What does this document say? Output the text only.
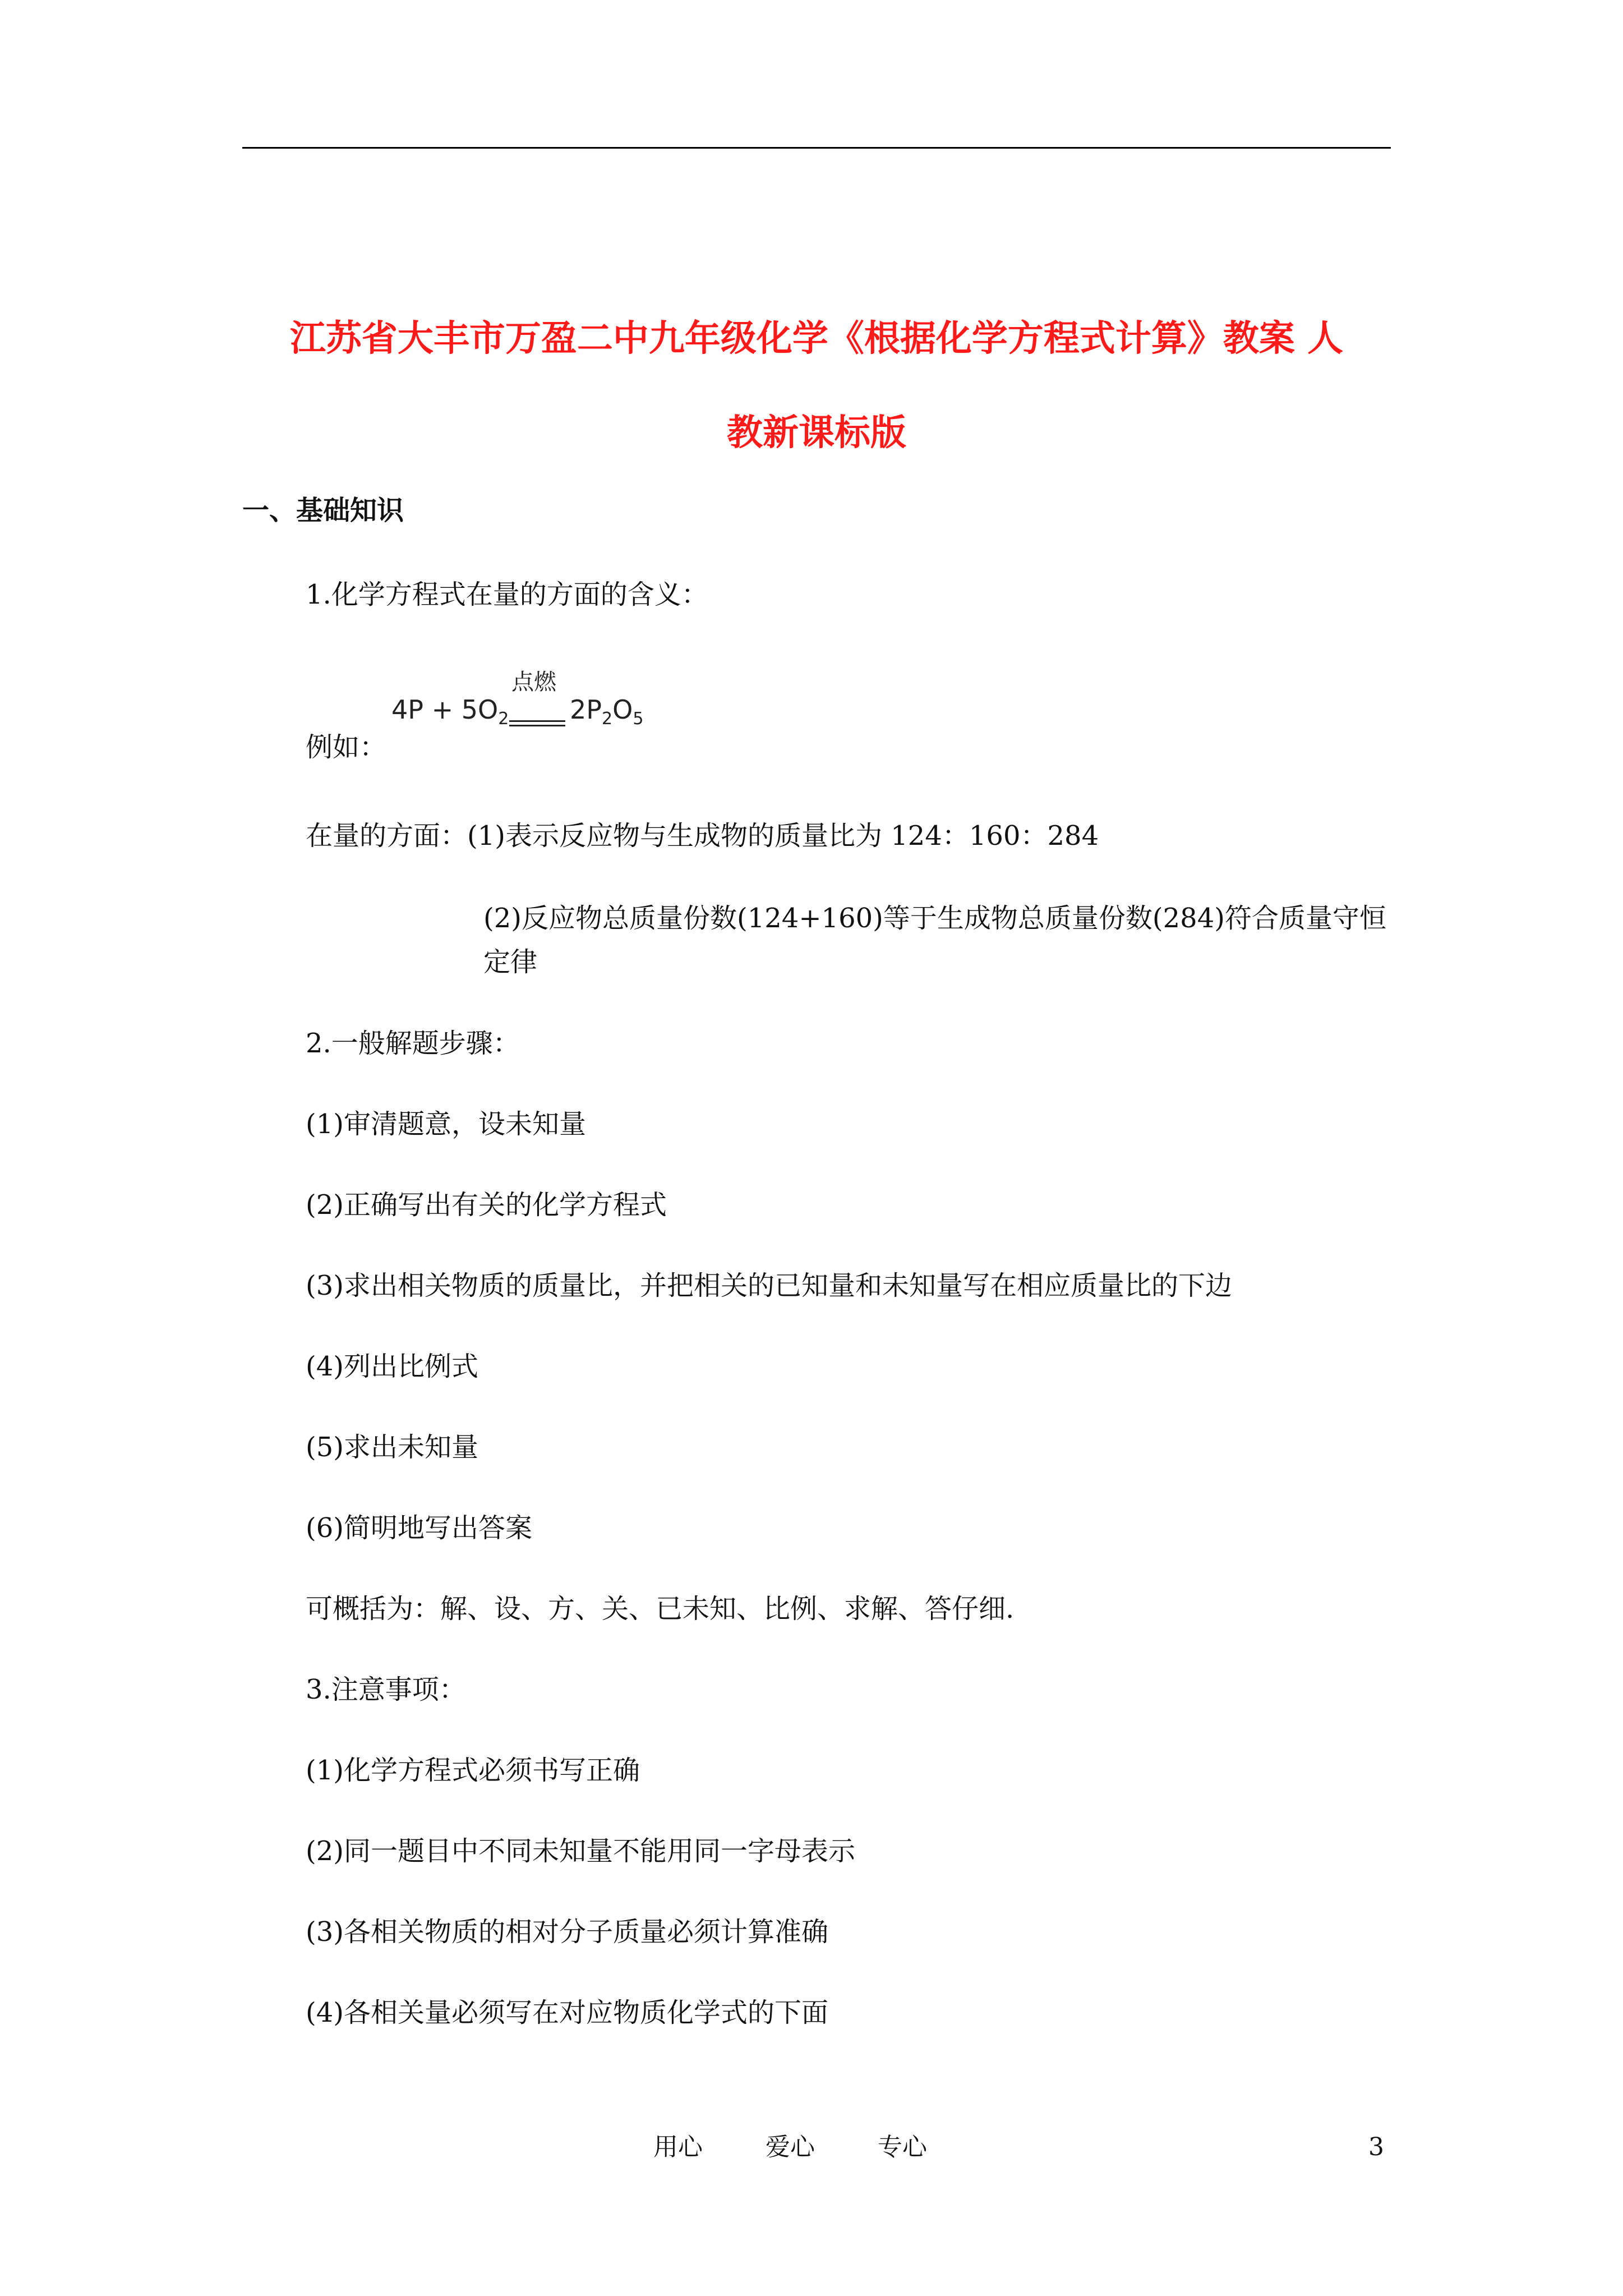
江苏省大丰市万盈二中九年级化学《根据化学方程式计算》教案 人
教新课标版
一、基础知识
1.化学方程式在量的方面的含义：
点燃
$4P + 5O_2$ $2P_2O_5$
例如：
在量的方面：(1)表示反应物与生成物的质量比为 124：160：284
(2)反应物总质量份数(124+160)等于生成物总质量份数(284)符合质量守恒定律
2.一般解题步骤：
(1)审清题意，设未知量
(2)正确写出有关的化学方程式
(3)求出相关物质的质量比，并把相关的已知量和未知量写在相应质量比的下边
(4)列出比例式
(5)求出未知量
(6)简明地写出答案
可概括为：解、设、方、关、已未知、比例、求解、答仔细.
3.注意事项：
(1)化学方程式必须书写正确
(2)同一题目中不同未知量不能用同一字母表示
(3)各相关物质的相对分子质量必须计算准确
(4)各相关量必须写在对应物质化学式的下面
用心	爱心	专心	3
